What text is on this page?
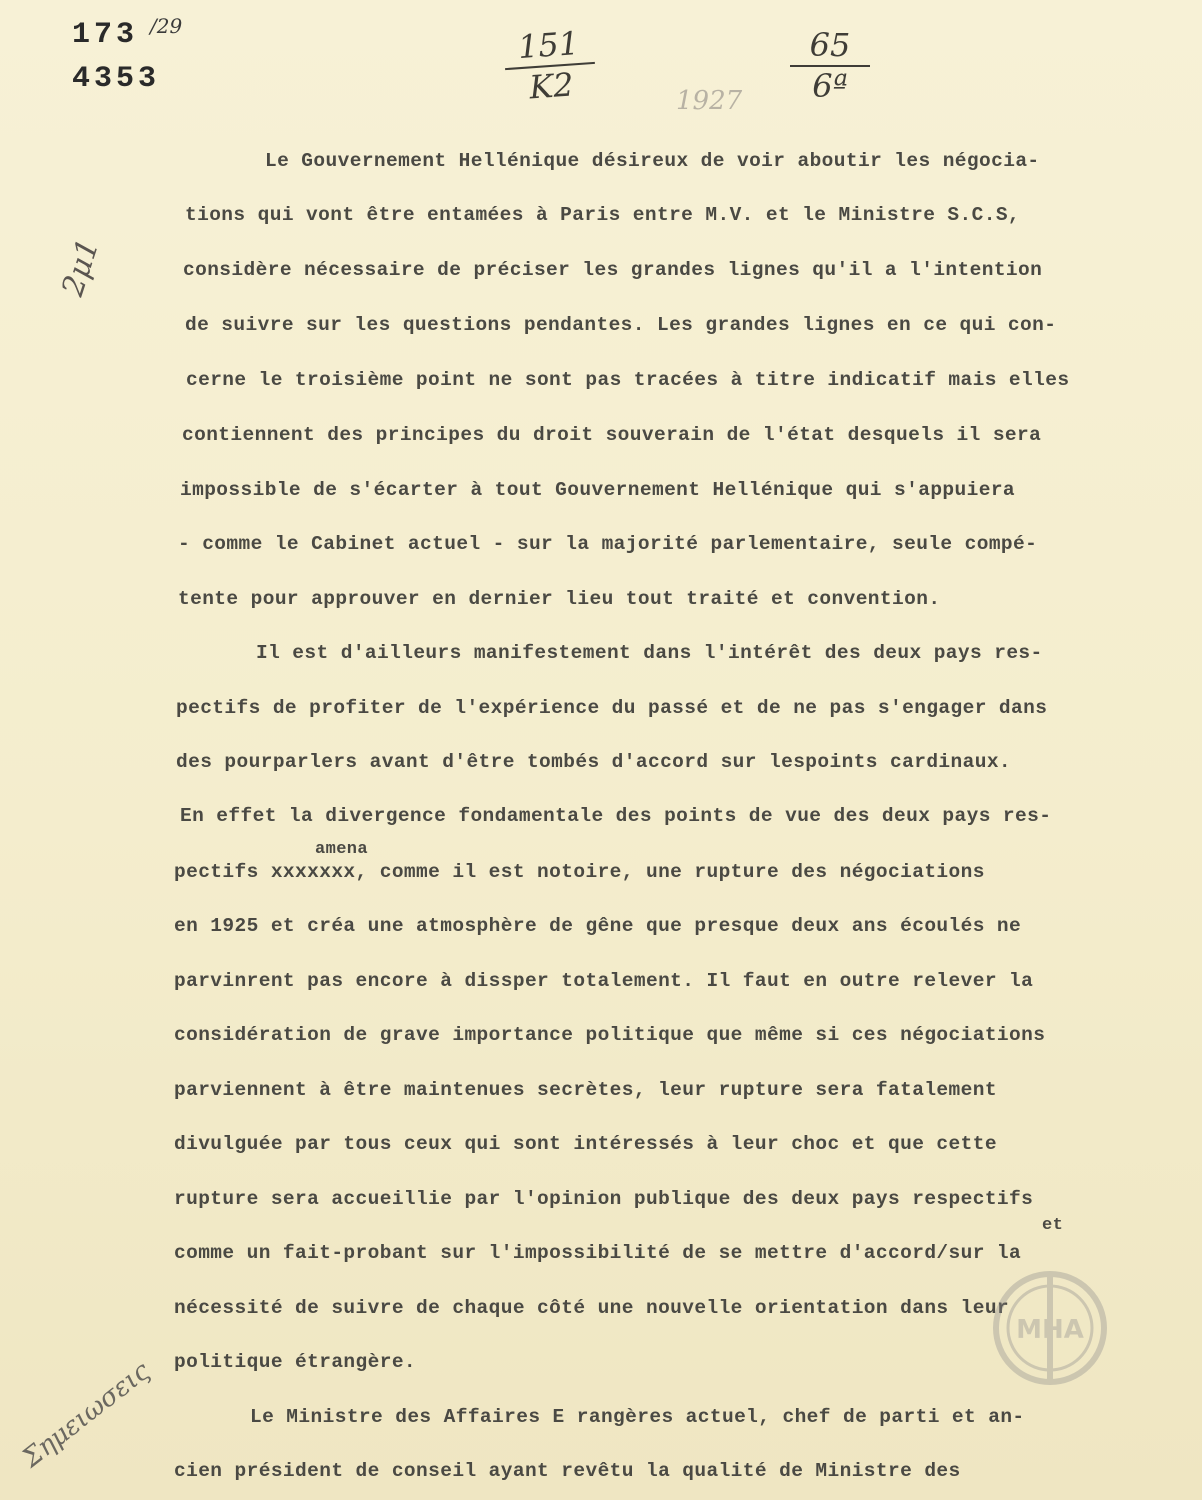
173 /29
4353
151
K2	1927
65
6ª
2μ1
Σημειωσεις
Le Gouvernement Hellénique désireux de voir aboutir les négocia-
tions qui vont être entamées à Paris entre M.V. et le Ministre S.C.S,
considère nécessaire de préciser les grandes lignes qu'il a l'intention
de suivre sur les questions pendantes. Les grandes lignes en ce qui con-
cerne le troisième point ne sont pas tracées à titre indicatif mais elles
contiennent des principes du droit souverain de l'état desquels il sera
impossible de s'écarter à tout Gouvernement Hellénique qui s'appuiera
- comme le Cabinet actuel - sur la majorité parlementaire, seule compé-
tente pour approuver en dernier lieu tout traité et convention.
Il est d'ailleurs manifestement dans l'intérêt des deux pays res-
pectifs de profiter de l'expérience du passé et de ne pas s'engager dans
des pourparlers avant d'être tombés d'accord sur lespoints cardinaux.
En effet la divergence fondamentale des points de vue des deux pays res-
amena
pectifs xxxxxxx, comme il est notoire, une rupture des négociations
en 1925 et créa une atmosphère de gêne que presque deux ans écoulés ne
parvinrent pas encore à dissper totalement. Il faut en outre relever la
considération de grave importance politique que même si ces négociations
parviennent à être maintenues secrètes, leur rupture sera fatalement
divulguée par tous ceux qui sont intéressés à leur choc et que cette
rupture sera accueillie par l'opinion publique des deux pays respectifs
et
comme un fait-probant sur l'impossibilité de se mettre d'accord/sur la
nécessité de suivre de chaque côté une nouvelle orientation dans leur
politique étrangère.
Le Ministre des Affaires E rangères actuel, chef de parti et an-
cien président de conseil ayant revêtu la qualité de Ministre des
ΜΗΑ
